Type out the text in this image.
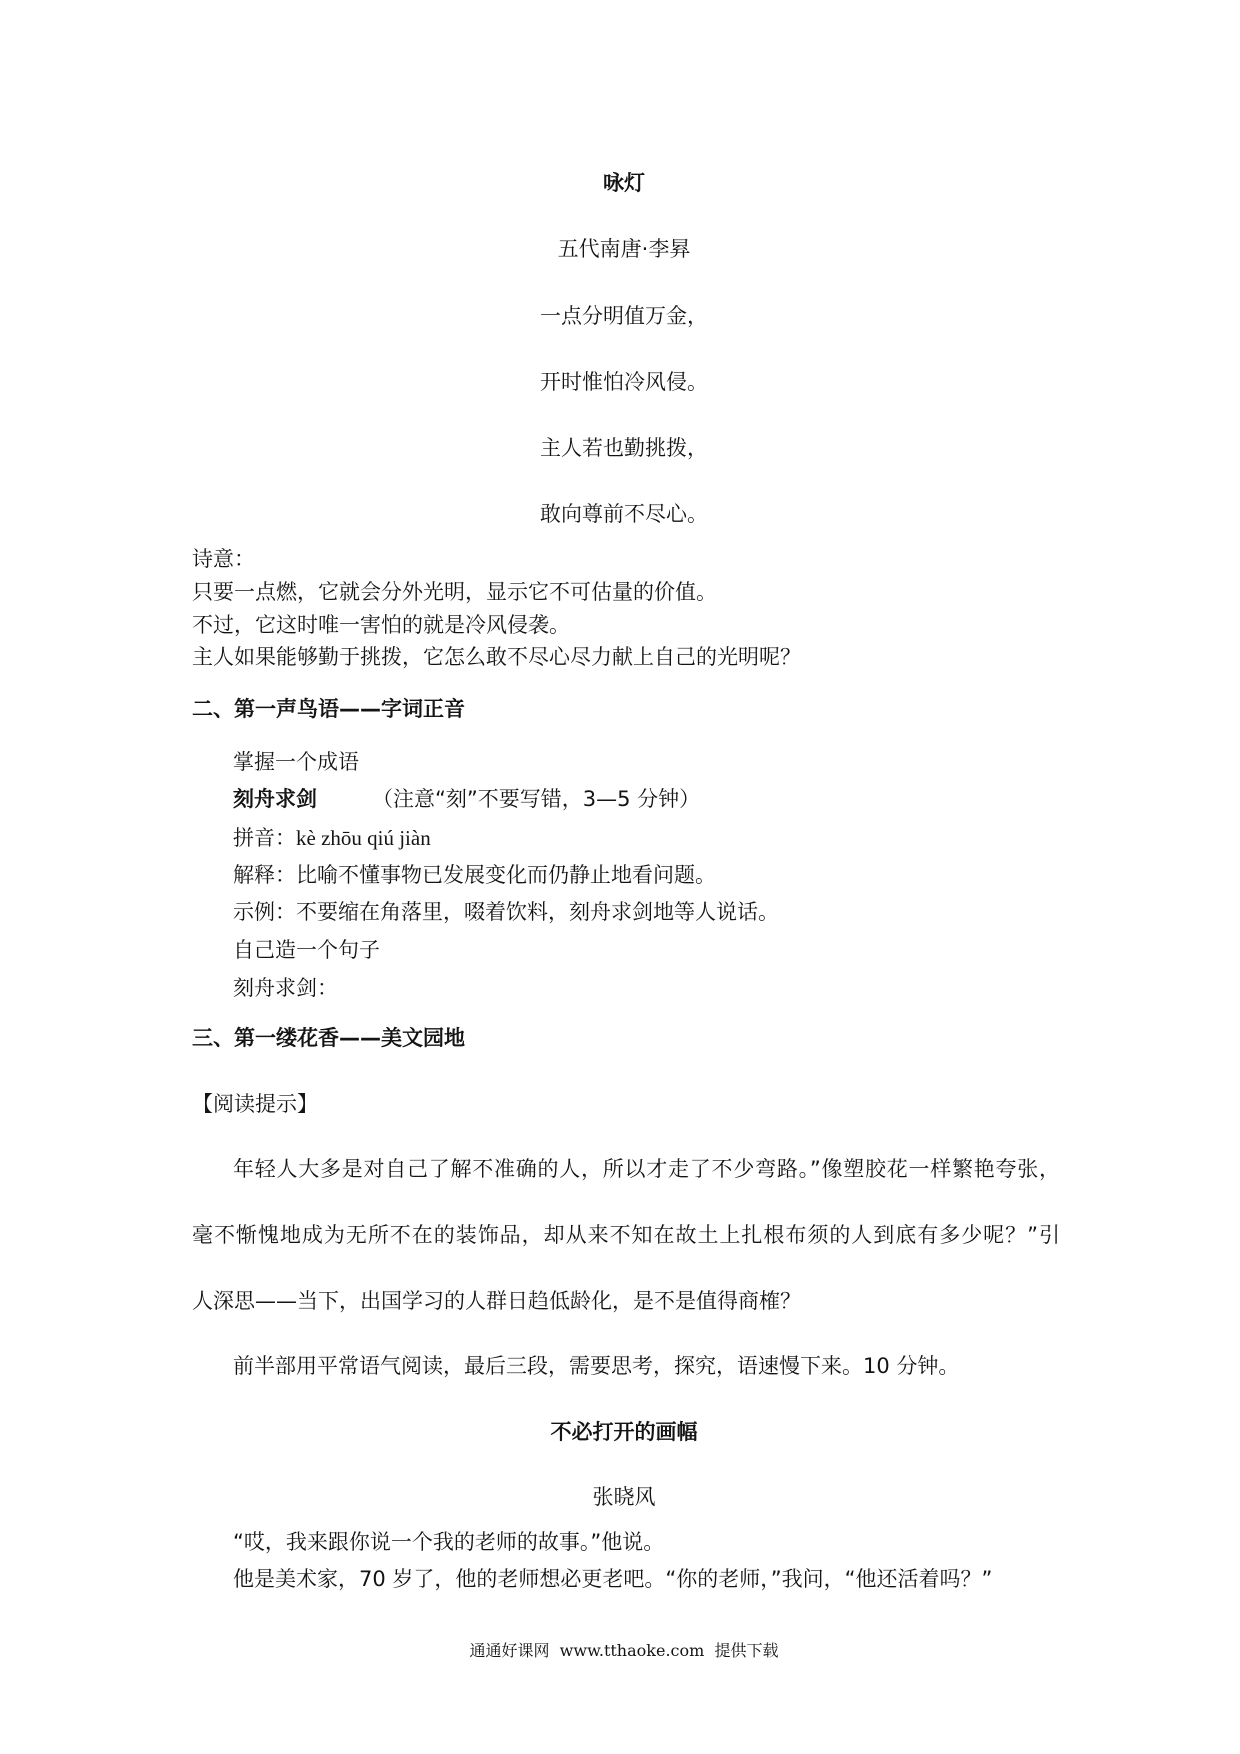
咏灯
五代南唐·李昪
一点分明值万金，
开时惟怕冷风侵。
主人若也勤挑拨，
敢向尊前不尽心。
诗意：
只要一点燃，它就会分外光明，显示它不可估量的价值。
不过，它这时唯一害怕的就是冷风侵袭。
主人如果能够勤于挑拨，它怎么敢不尽心尽力献上自己的光明呢？
二、第一声鸟语——字词正音
掌握一个成语
刻舟求剑	（注意“刻”不要写错，3—5 分钟）
拼音：kè zhōu qiú jiàn
解释：比喻不懂事物已发展变化而仍静止地看问题。
示例：不要缩在角落里，啜着饮料，刻舟求剑地等人说话。
自己造一个句子
刻舟求剑：
三、第一缕花香——美文园地
【阅读提示】
年轻人大多是对自己了解不准确的人，所以才走了不少弯路。”像塑胶花一样繁艳夸张，
毫不惭愧地成为无所不在的装饰品，却从来不知在故土上扎根布须的人到底有多少呢？”引
人深思——当下，出国学习的人群日趋低龄化，是不是值得商榷？
前半部用平常语气阅读，最后三段，需要思考，探究，语速慢下来。10 分钟。
不必打开的画幅
张晓风
“哎，我来跟你说一个我的老师的故事。”他说。
他是美术家，70 岁了，他的老师想必更老吧。“你的老师，”我问，“他还活着吗？”
通通好课网  www.tthaoke.com  提供下载
